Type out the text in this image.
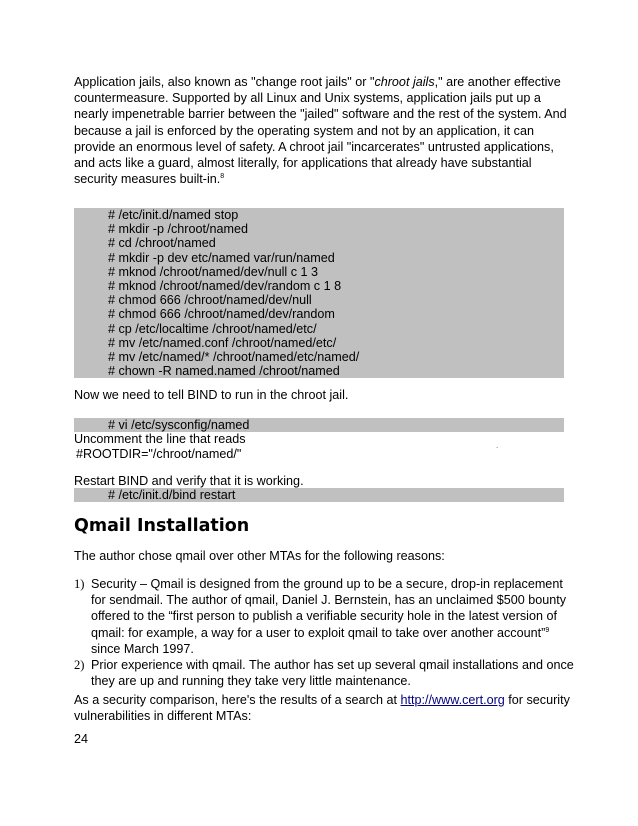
Application jails, also known as "change root jails" or "chroot jails," are another effective
countermeasure. Supported by all Linux and Unix systems, application jails put up a
nearly impenetrable barrier between the "jailed" software and the rest of the system. And
because a jail is enforced by the operating system and not by an application, it can
provide an enormous level of safety. A chroot jail "incarcerates" untrusted applications,
and acts like a guard, almost literally, for applications that already have substantial
security measures built-in.$^8$
# /etc/init.d/named stop
# mkdir -p /chroot/named
# cd /chroot/named
# mkdir -p dev etc/named var/run/named
# mknod /chroot/named/dev/null c 1 3
# mknod /chroot/named/dev/random c 1 8
# chmod 666 /chroot/named/dev/null
# chmod 666 /chroot/named/dev/random
# cp /etc/localtime /chroot/named/etc/
# mv /etc/named.conf /chroot/named/etc/
# mv /etc/named/* /chroot/named/etc/named/
# chown -R named.named /chroot/named
Now we need to tell BIND to run in the chroot jail.
# vi /etc/sysconfig/named
Uncomment the line that reads	.
#ROOTDIR="/chroot/named/"
Restart BIND and verify that it is working.
# /etc/init.d/bind restart
Qmail Installation
The author chose qmail over other MTAs for the following reasons:
1) Security – Qmail is designed from the ground up to be a secure, drop-in replacement
for sendmail. The author of qmail, Daniel J. Bernstein, has an unclaimed $500 bounty
offered to the “first person to publish a verifiable security hole in the latest version of
qmail: for example, a way for a user to exploit qmail to take over another account”$^9$
since March 1997.
2) Prior experience with qmail. The author has set up several qmail installations and once
they are up and running they take very little maintenance.
As a security comparison, here's the results of a search at http://www.cert.org for security
vulnerabilities in different MTAs:
24
